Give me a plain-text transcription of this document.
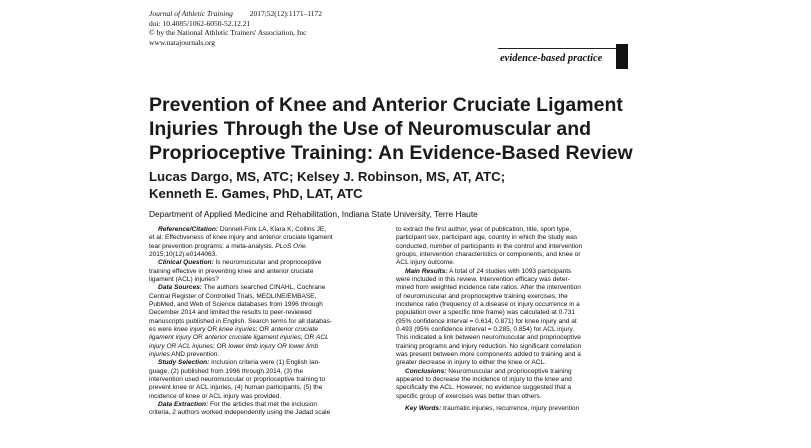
Journal of Athletic Training 2017;52(12):1171–1172
doi: 10.4085/1062-6050-52.12.21
© by the National Athletic Trainers' Association, Inc
www.natajournals.org
evidence-based practice
Prevention of Knee and Anterior Cruciate Ligament
Injuries Through the Use of Neuromuscular and
Proprioceptive Training: An Evidence-Based Review
Lucas Dargo, MS, ATC; Kelsey J. Robinson, MS, AT, ATC;
Kenneth E. Games, PhD, LAT, ATC
Department of Applied Medicine and Rehabilitation, Indiana State University, Terre Haute
Reference/Citation: Donnell-Fink LA, Klara K, Collins JE,
et al. Effectiveness of knee injury and anterior cruciate ligament
tear prevention programs: a meta-analysis. PLoS One.
2015;10(12):e0144063.
Clinical Question: Is neuromuscular and proprioceptive
training effective in preventing knee and anterior cruciate
ligament (ACL) injuries?
Data Sources: The authors searched CINAHL, Cochrane
Central Register of Controlled Trials, MEDLINE/EMBASE,
PubMed, and Web of Science databases from 1996 through
December 2014 and limited the results to peer-reviewed
manuscripts published in English. Search terms for all databas-
es were knee injury OR knee injuries; OR anterior cruciate
ligament injury OR anterior cruciate ligament injuries; OR ACL
injury OR ACL injuries; OR lower limb injury OR lower limb
injuries AND prevention.
Study Selection: Inclusion criteria were (1) English lan-
guage, (2) published from 1996 through 2014, (3) the
intervention used neuromuscular or proprioceptive training to
prevent knee or ACL injuries, (4) human participants, (5) the
incidence of knee or ACL injury was provided.
Data Extraction: For the articles that met the inclusion
criteria, 2 authors worked independently using the Jadad scale
to extract the first author, year of publication, title, sport type,
participant sex, participant age, country in which the study was
conducted, number of participants in the control and intervention
groups, intervention characteristics or components, and knee or
ACL injury outcome.
Main Results: A total of 24 studies with 1093 participants
were included in this review. Intervention efficacy was deter-
mined from weighted incidence rate ratios. After the intervention
of neuromuscular and proprioceptive training exercises, the
incidence ratio (frequency of a disease or injury occurrence in a
population over a specific time frame) was calculated at 0.731
(95% confidence interval = 0.614, 0.871) for knee injury and at
0.493 (95% confidence interval = 0.285, 0.854) for ACL injury.
This indicated a link between neuromuscular and proprioceptive
training programs and injury reduction. No significant correlation
was present between more components added to training and a
greater decrease in injury to either the knee or ACL.
Conclusions: Neuromuscular and proprioceptive training
appeared to decrease the incidence of injury to the knee and
specifically the ACL. However, no evidence suggested that a
specific group of exercises was better than others.
Key Words: traumatic injuries, recurrence, injury prevention
